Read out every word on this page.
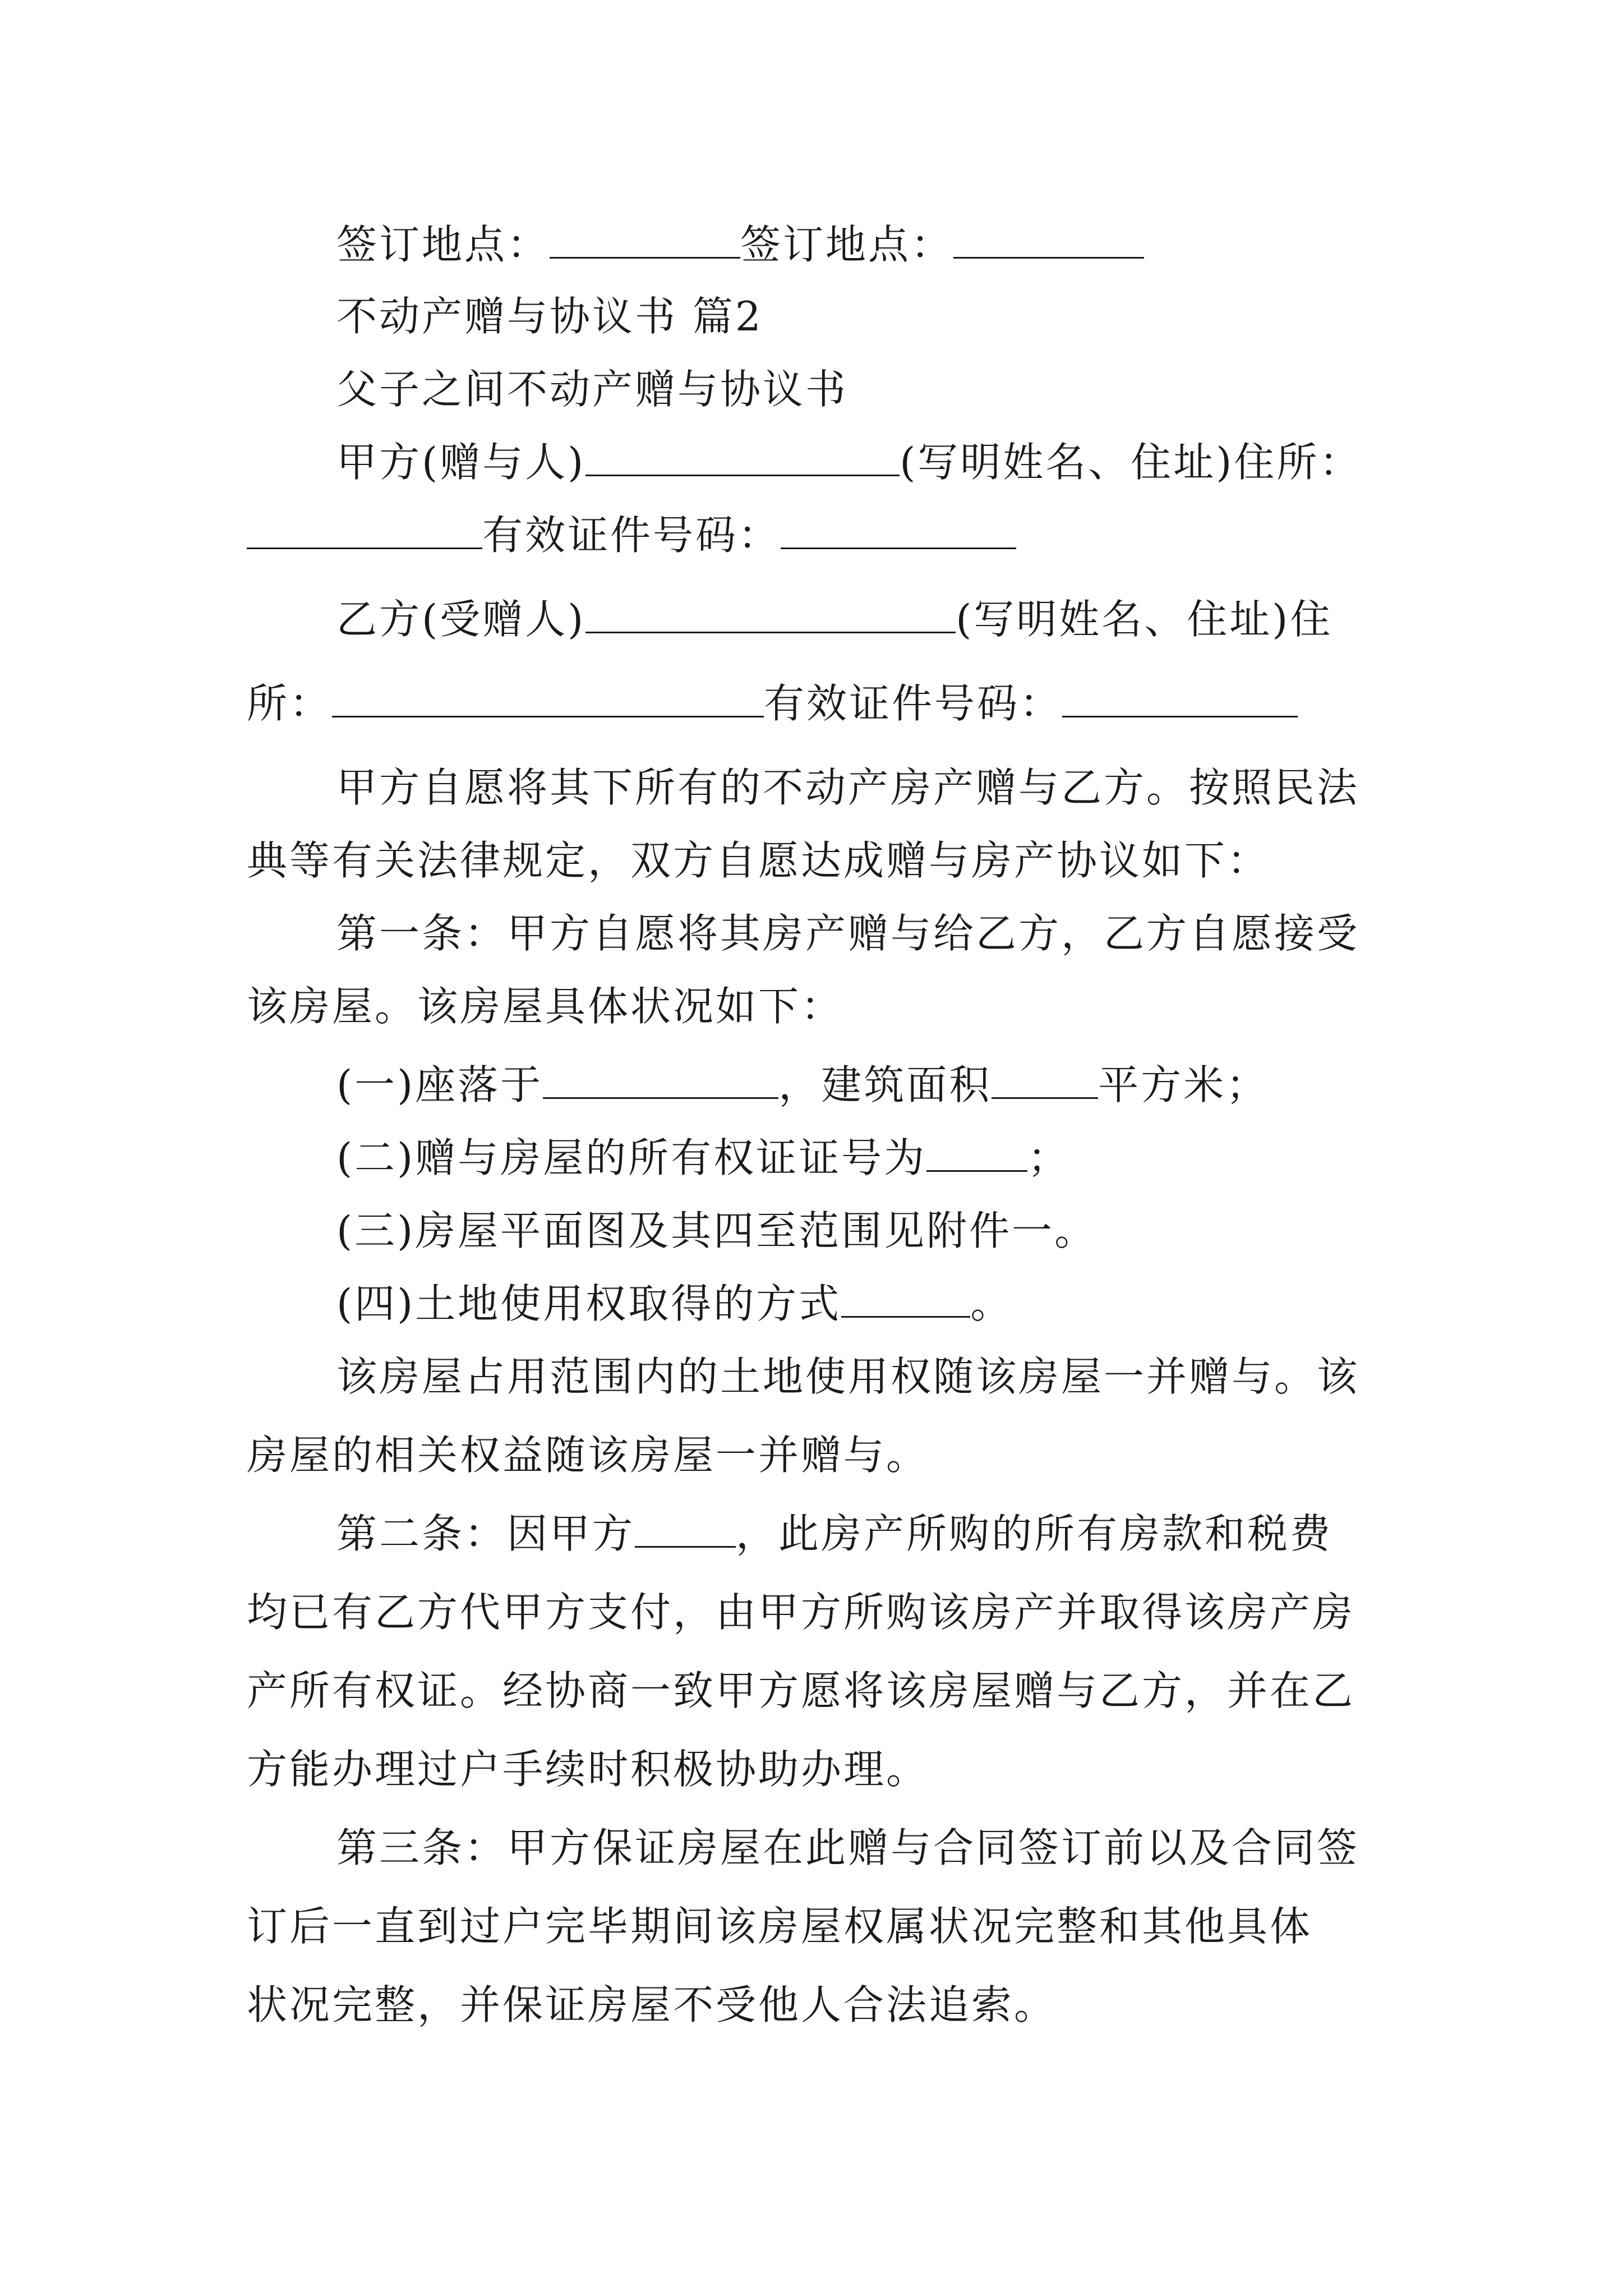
签订地点：	签订地点：
不动产赠与协议书 篇2
父子之间不动产赠与协议书
甲方(赠与人)	(写明姓名、住址)住所：
有效证件号码：
乙方(受赠人)	(写明姓名、住址)住
所：	有效证件号码：
甲方自愿将其下所有的不动产房产赠与乙方。按照民法
典等有关法律规定，双方自愿达成赠与房产协议如下：
第一条：甲方自愿将其房产赠与给乙方，乙方自愿接受
该房屋。该房屋具体状况如下：
(一)座落于	，建筑面积	平方米；
(二)赠与房屋的所有权证证号为	；
(三)房屋平面图及其四至范围见附件一。
(四)土地使用权取得的方式	。
该房屋占用范围内的土地使用权随该房屋一并赠与。该
房屋的相关权益随该房屋一并赠与。
第二条：因甲方	，此房产所购的所有房款和税费
均已有乙方代甲方支付，由甲方所购该房产并取得该房产房
产所有权证。经协商一致甲方愿将该房屋赠与乙方，并在乙
方能办理过户手续时积极协助办理。
第三条：甲方保证房屋在此赠与合同签订前以及合同签
订后一直到过户完毕期间该房屋权属状况完整和其他具体
状况完整，并保证房屋不受他人合法追索。
